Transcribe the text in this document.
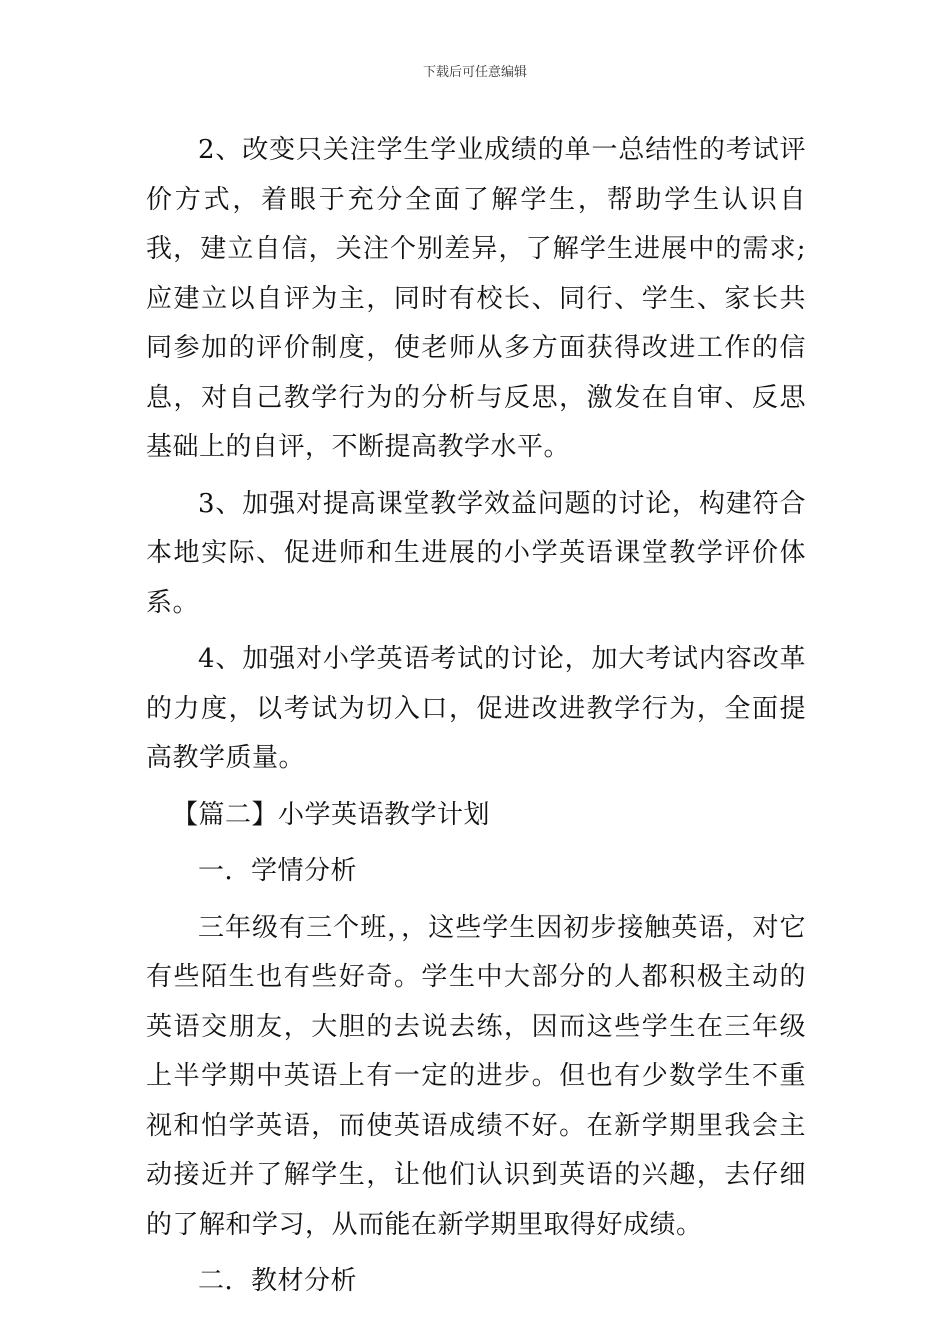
下载后可任意编辑

2、改变只关注学生学业成绩的单一总结性的考试评价方式，着眼于充分全面了解学生，帮助学生认识自我，建立自信，关注个别差异，了解学生进展中的需求;应建立以自评为主，同时有校长、同行、学生、家长共同参加的评价制度，使老师从多方面获得改进工作的信息，对自己教学行为的分析与反思，激发在自审、反思基础上的自评，不断提高教学水平。

3、加强对提高课堂教学效益问题的讨论，构建符合本地实际、促进师和生进展的小学英语课堂教学评价体系。

4、加强对小学英语考试的讨论，加大考试内容改革的力度，以考试为切入口，促进改进教学行为，全面提高教学质量。

【篇二】小学英语教学计划

一．学情分析

三年级有三个班，，这些学生因初步接触英语，对它有些陌生也有些好奇。学生中大部分的人都积极主动的英语交朋友，大胆的去说去练，因而这些学生在三年级上半学期中英语上有一定的进步。但也有少数学生不重视和怕学英语，而使英语成绩不好。在新学期里我会主动接近并了解学生，让他们认识到英语的兴趣，去仔细的了解和学习，从而能在新学期里取得好成绩。

二．教材分析
